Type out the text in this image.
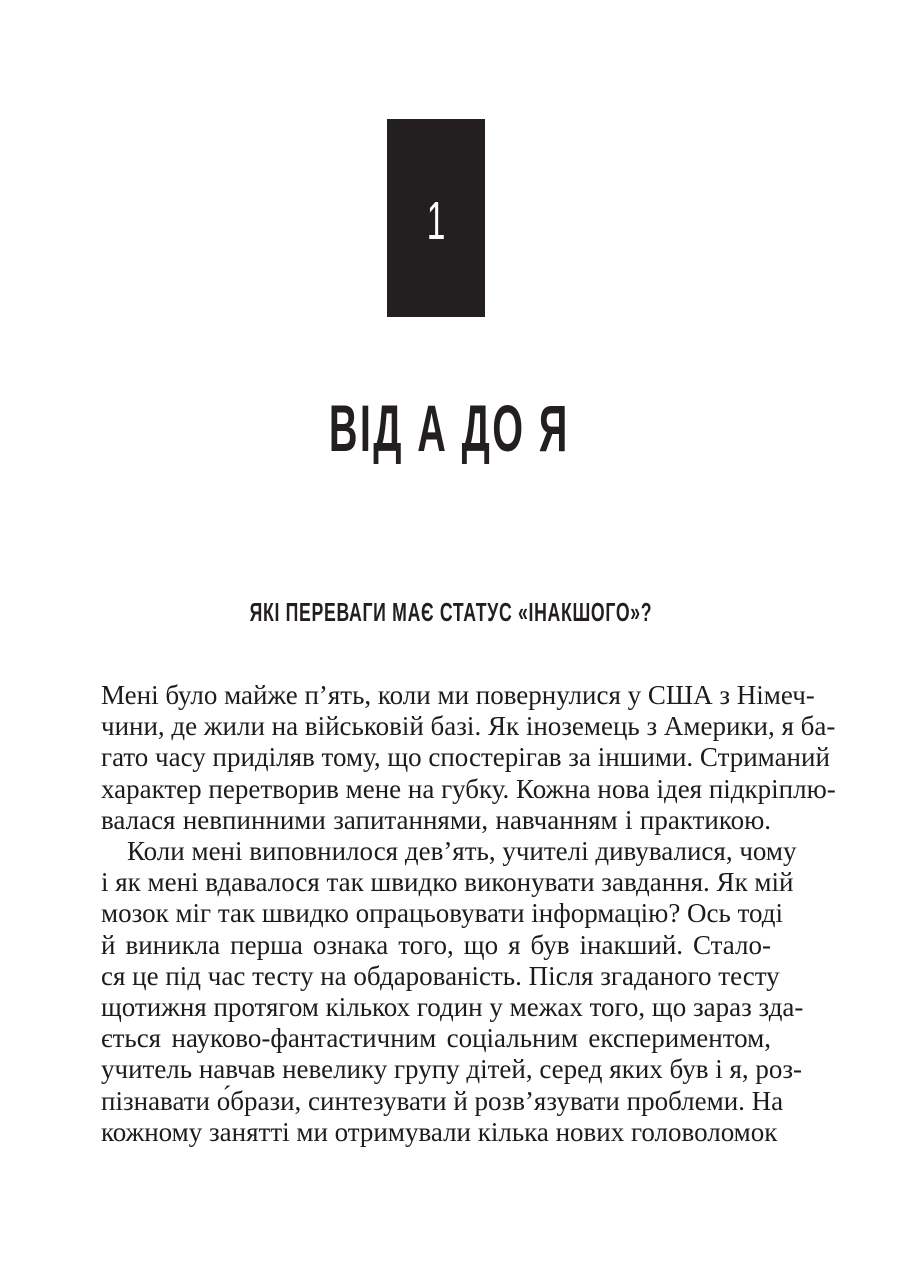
1
ВІД А ДО Я
ЯКІ ПЕРЕВАГИ МАЄ СТАТУС «ІНАКШОГО»?
Мені було майже п’ять, коли ми повернулися у США з Німеч-
чини, де жили на військовій базі. Як іноземець з Америки, я ба-
гато часу приділяв тому, що спостерігав за іншими. Стриманий
характер перетворив мене на губку. Кожна нова ідея підкріплю-
валася невпинними запитаннями, навчанням і практикою.
Коли мені виповнилося дев’ять, учителі дивувалися, чому
і як мені вдавалося так швидко виконувати завдання. Як мій
мозок міг так швидко опрацьовувати інформацію? Ось тоді
й виникла перша ознака того, що я був інакший. Стало-
ся це під час тесту на обдарованість. Після згаданого тесту
щотижня протягом кількох годин у межах того, що зараз зда-
ється науково-фантастичним соціальним експериментом,
учитель навчав невелику групу дітей, серед яких був і я, роз-
пізнавати о́брази, синтезувати й розв’язувати проблеми. На
кожному занятті ми отримували кілька нових головоломок
